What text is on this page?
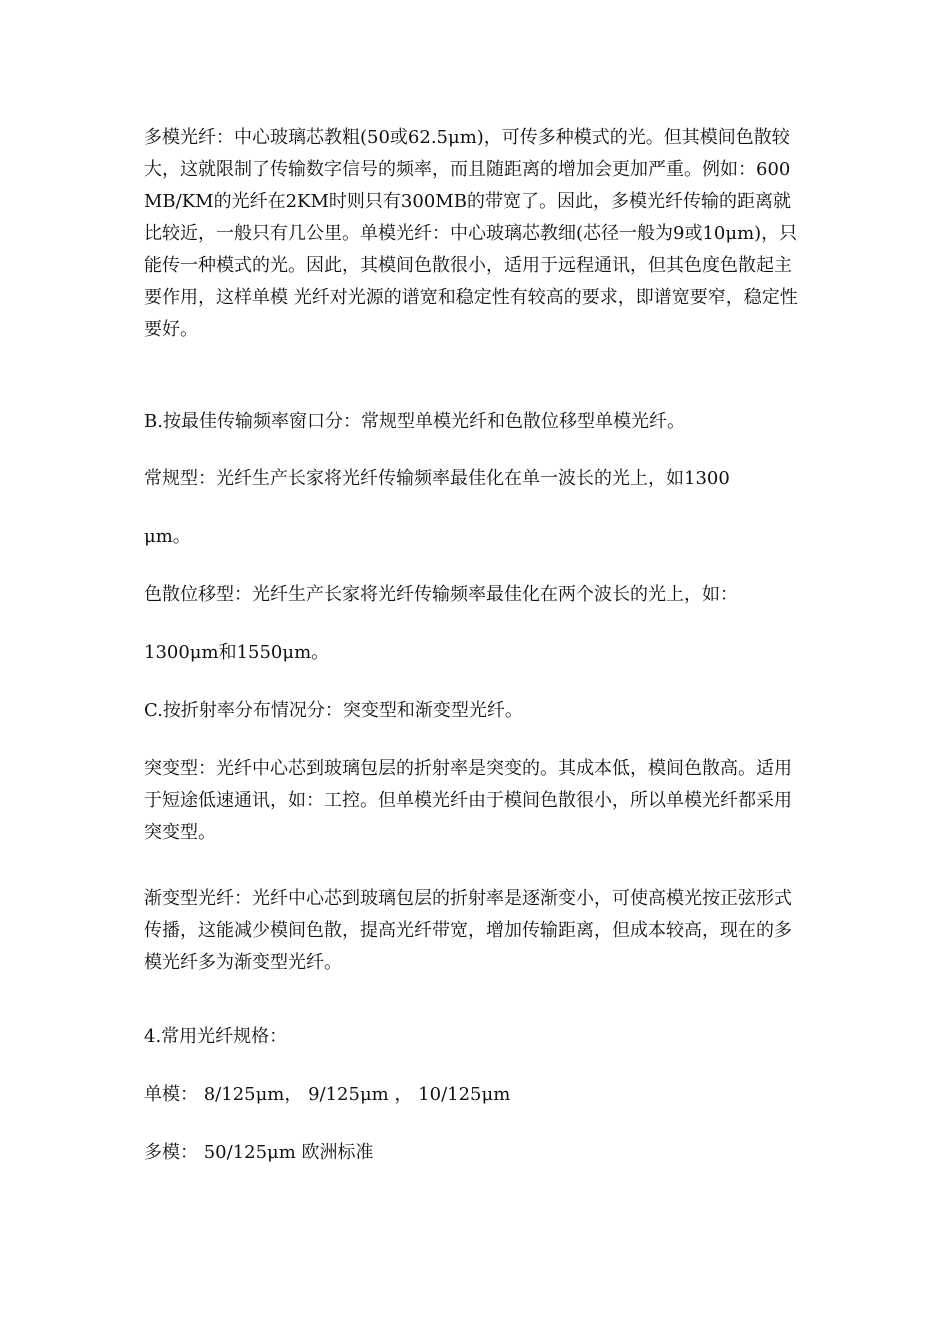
多模光纤：中心玻璃芯教粗(50或62.5μm)，可传多种模式的光。但其模间色散较大，这就限制了传输数字信号的频率，而且随距离的增加会更加严重。例如：600MB/KM的光纤在2KM时则只有300MB的带宽了。因此，多模光纤传输的距离就比较近，一般只有几公里。单模光纤：中心玻璃芯教细(芯径一般为9或10μm)，只能传一种模式的光。因此，其模间色散很小，适用于远程通讯，但其色度色散起主要作用，这样单模 光纤对光源的谱宽和稳定性有较高的要求，即谱宽要窄，稳定性要好。

B.按最佳传输频率窗口分：常规型单模光纤和色散位移型单模光纤。

常规型：光纤生产长家将光纤传输频率最佳化在单一波长的光上，如1300

μm。

色散位移型：光纤生产长家将光纤传输频率最佳化在两个波长的光上，如：

1300μm和1550μm。

C.按折射率分布情况分：突变型和渐变型光纤。

突变型：光纤中心芯到玻璃包层的折射率是突变的。其成本低，模间色散高。适用于短途低速通讯，如：工控。但单模光纤由于模间色散很小，所以单模光纤都采用突变型。

渐变型光纤：光纤中心芯到玻璃包层的折射率是逐渐变小，可使高模光按正弦形式传播，这能减少模间色散，提高光纤带宽，增加传输距离，但成本较高，现在的多模光纤多为渐变型光纤。

4.常用光纤规格：

单模： 8/125μm， 9/125μm ， 10/125μm

多模： 50/125μm 欧洲标准
